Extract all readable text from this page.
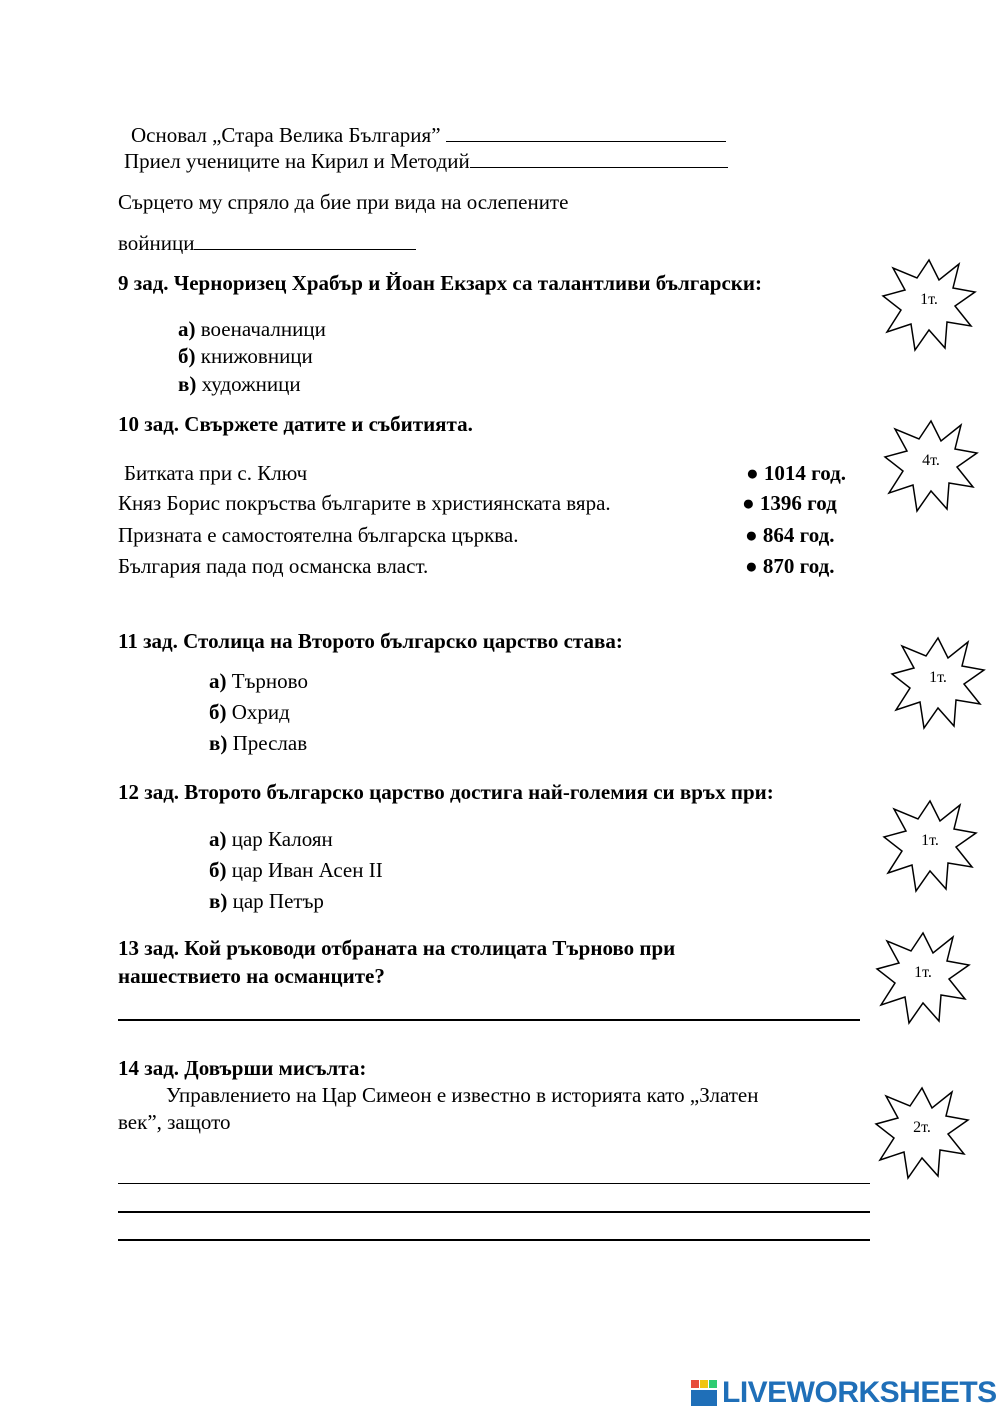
Основал „Стара Велика България”
Приел учениците на Кирил и Методий
Сърцето му спряло да бие при вида на ослепените
войници
9 зад. Черноризец Храбър и Йоан Екзарх са талантливи български:
а) военачалници
б) книжовници
в) художници
1т.
10 зад. Свържете датите и събитията.
Битката при с. Ключ
Княз Борис покръства българите в християнската вяра.
Призната е самостоятелна българска църква.
България пада под османска власт.
● 1014 год.
● 1396 год
● 864 год.
● 870 год.
4т.
11 зад. Столица на Второто българско царство става:
а) Търново
б) Охрид
в) Преслав
1т.
12 зад. Второто българско царство достига най-големия си връх при:
а) цар Калоян
б) цар Иван Асен II
в) цар Петър
1т.
13 зад. Кой ръководи отбраната на столицата Търново при
нашествието на османците?	1т.
14 зад. Довърши мисълта:
Управлението на Цар Симеон е известно в историята като „Златен
век”, защото	2т.
LIVEWORKSHEETS
